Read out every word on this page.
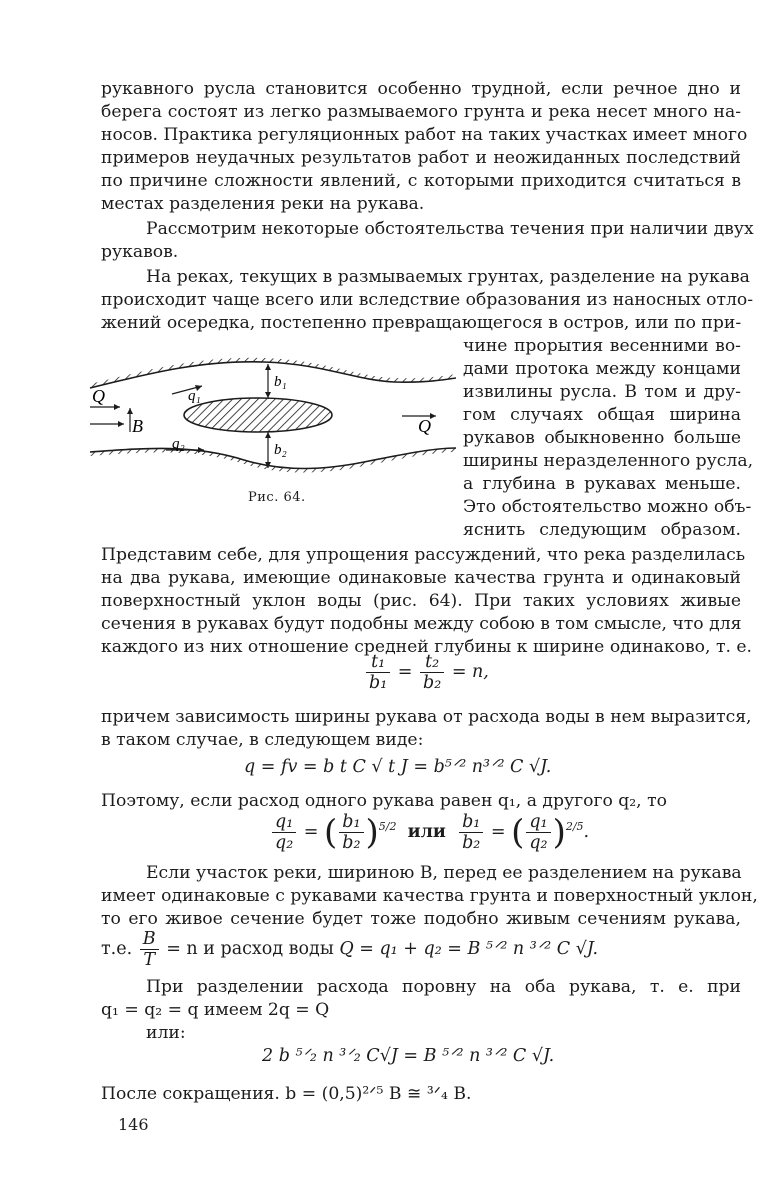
рукавного русла становится особенно трудной, если речное дно и
берега состоят из легко размываемого грунта и река несет много на-
носов. Практика регуляционных работ на таких участках имеет много
примеров неудачных результатов работ и неожиданных последствий
по причине сложности явлений, с которыми приходится считаться в
местах разделения реки на рукава.
Рассмотрим некоторые обстоятельства течения при наличии двух
рукавов.
На реках, текущих в размываемых грунтах, разделение на рукава
происходит чаще всего или вследствие образования из наносных отло-
жений осередка, постепенно превращающегося в остров, или по при-
Q
B
q₁
q₂
b₁
b₂
Q
Рис. 64.
чине прорытия весенними во-
дами протока между концами
извилины русла. В том и дру-
гом случаях общая ширина
рукавов обыкновенно больше
ширины неразделенного русла,
а глубина в рукавах меньше.
Это обстоятельство можно объ-
яснить следующим образом.
Представим себе, для упрощения рассуждений, что река разделилась
на два рукава, имеющие одинаковые качества грунта и одинаковый
поверхностный уклон воды (рис. 64). При таких условиях живые
сечения в рукавах будут подобны между собою в том смысле, что для
каждого из них отношение средней глубины к ширине одинаково, т. е.
$\frac{\text{t₁}}{\text{b₁}} = \frac{\text{t₂}}{\text{b₂}} = n$,
причем зависимость ширины рукава от расхода воды в нем выразится,
в таком случае, в следующем виде:
q = fv = b t C √ t J = b⁵ᐟ² n³ᐟ² C √J.
Поэтому, если расход одного рукава равен q₁, а другого q₂, то
$\frac{\text{q₁}}{\text{q₂}}$ = ( $\frac{\text{b₁}}{\text{b₂}} )^{5/2}$ или $\frac{\text{b₁}}{\text{b₂}}$ = ( $\frac{\text{q₁}}{\text{q₂}} )^{2/5}$.
Если участок реки, шириною B, перед ее разделением на рукава
имеет одинаковые с рукавами качества грунта и поверхностный уклон,
то его живое сечение будет тоже подобно живым сечениям рукава,
т.е. $\frac{B}{T} = n$ и расход воды Q = q₁ + q₂ = B ⁵ᐟ² n ³ᐟ² C √J.
При разделении расхода поровну на оба рукава, т. е. при
q₁ = q₂ = q имеем 2q = Q
или:
2 b ⁵ᐟ₂ n ³ᐟ₂ C√J = B ⁵ᐟ² n ³ᐟ² C √J.
После сокращения. b = (0,5)²ᐟ⁵ B ≅ ³ᐟ₄ B.
146
